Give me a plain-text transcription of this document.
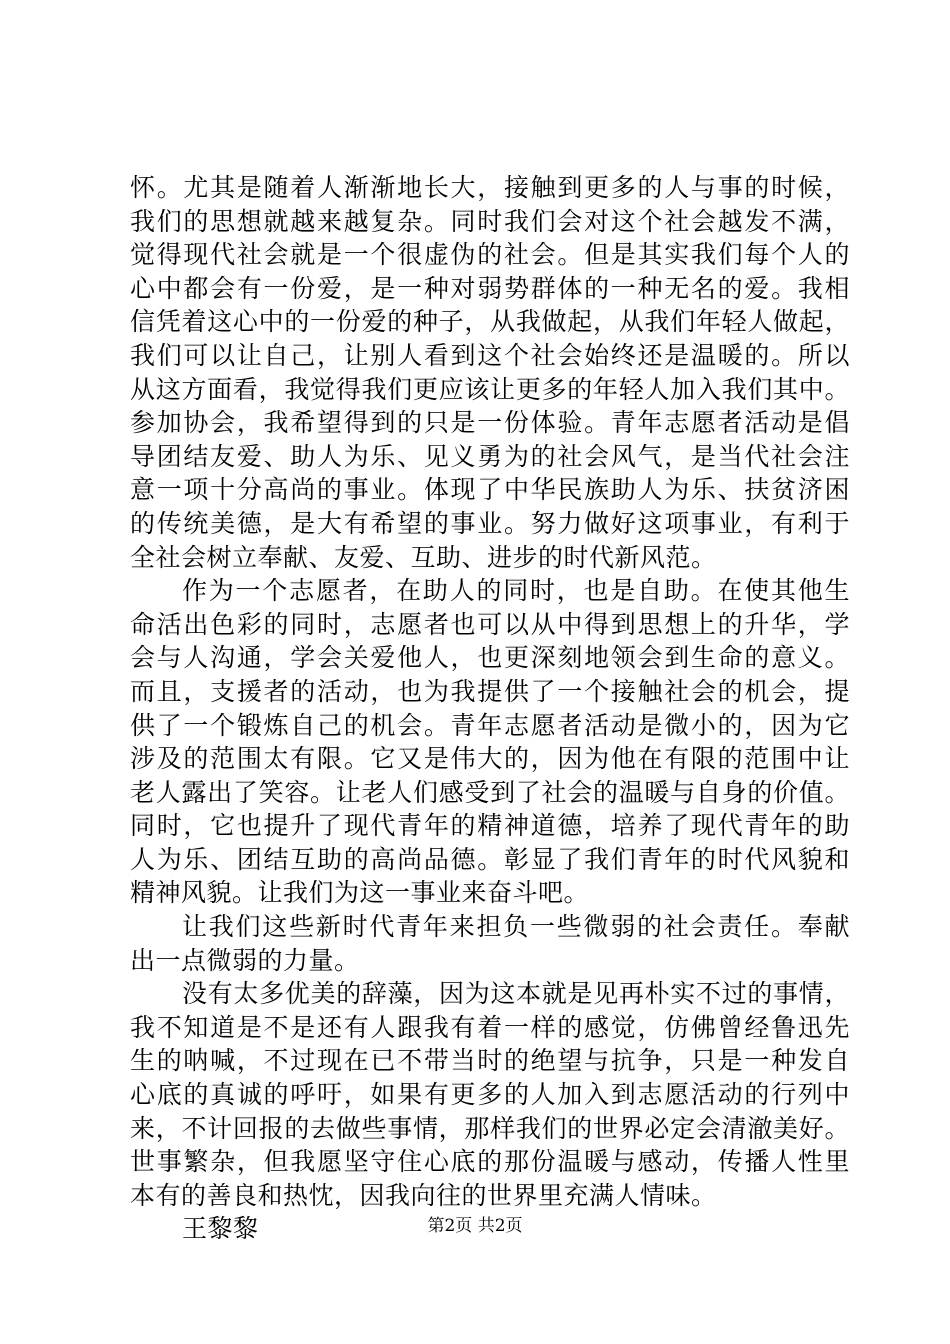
怀。尤其是随着人渐渐地长大，接触到更多的人与事的时候，
我们的思想就越来越复杂。同时我们会对这个社会越发不满，
觉得现代社会就是一个很虚伪的社会。但是其实我们每个人的
心中都会有一份爱，是一种对弱势群体的一种无名的爱。我相
信凭着这心中的一份爱的种子，从我做起，从我们年轻人做起，
我们可以让自己，让别人看到这个社会始终还是温暖的。所以
从这方面看，我觉得我们更应该让更多的年轻人加入我们其中。
参加协会，我希望得到的只是一份体验。青年志愿者活动是倡
导团结友爱、助人为乐、见义勇为的社会风气，是当代社会注
意一项十分高尚的事业。体现了中华民族助人为乐、扶贫济困
的传统美德，是大有希望的事业。努力做好这项事业，有利于
全社会树立奉献、友爱、互助、进步的时代新风范。
作为一个志愿者，在助人的同时，也是自助。在使其他生
命活出色彩的同时，志愿者也可以从中得到思想上的升华，学
会与人沟通，学会关爱他人，也更深刻地领会到生命的意义。
而且，支援者的活动，也为我提供了一个接触社会的机会，提
供了一个锻炼自己的机会。青年志愿者活动是微小的，因为它
涉及的范围太有限。它又是伟大的，因为他在有限的范围中让
老人露出了笑容。让老人们感受到了社会的温暖与自身的价值。
同时，它也提升了现代青年的精神道德，培养了现代青年的助
人为乐、团结互助的高尚品德。彰显了我们青年的时代风貌和
精神风貌。让我们为这一事业来奋斗吧。
让我们这些新时代青年来担负一些微弱的社会责任。奉献
出一点微弱的力量。
没有太多优美的辞藻，因为这本就是见再朴实不过的事情，
我不知道是不是还有人跟我有着一样的感觉，仿佛曾经鲁迅先
生的呐喊，不过现在已不带当时的绝望与抗争，只是一种发自
心底的真诚的呼吁，如果有更多的人加入到志愿活动的行列中
来，不计回报的去做些事情，那样我们的世界必定会清澈美好。
世事繁杂，但我愿坚守住心底的那份温暖与感动，传播人性里
本有的善良和热忱，因我向往的世界里充满人情味。
王黎黎	第2页 共2页
